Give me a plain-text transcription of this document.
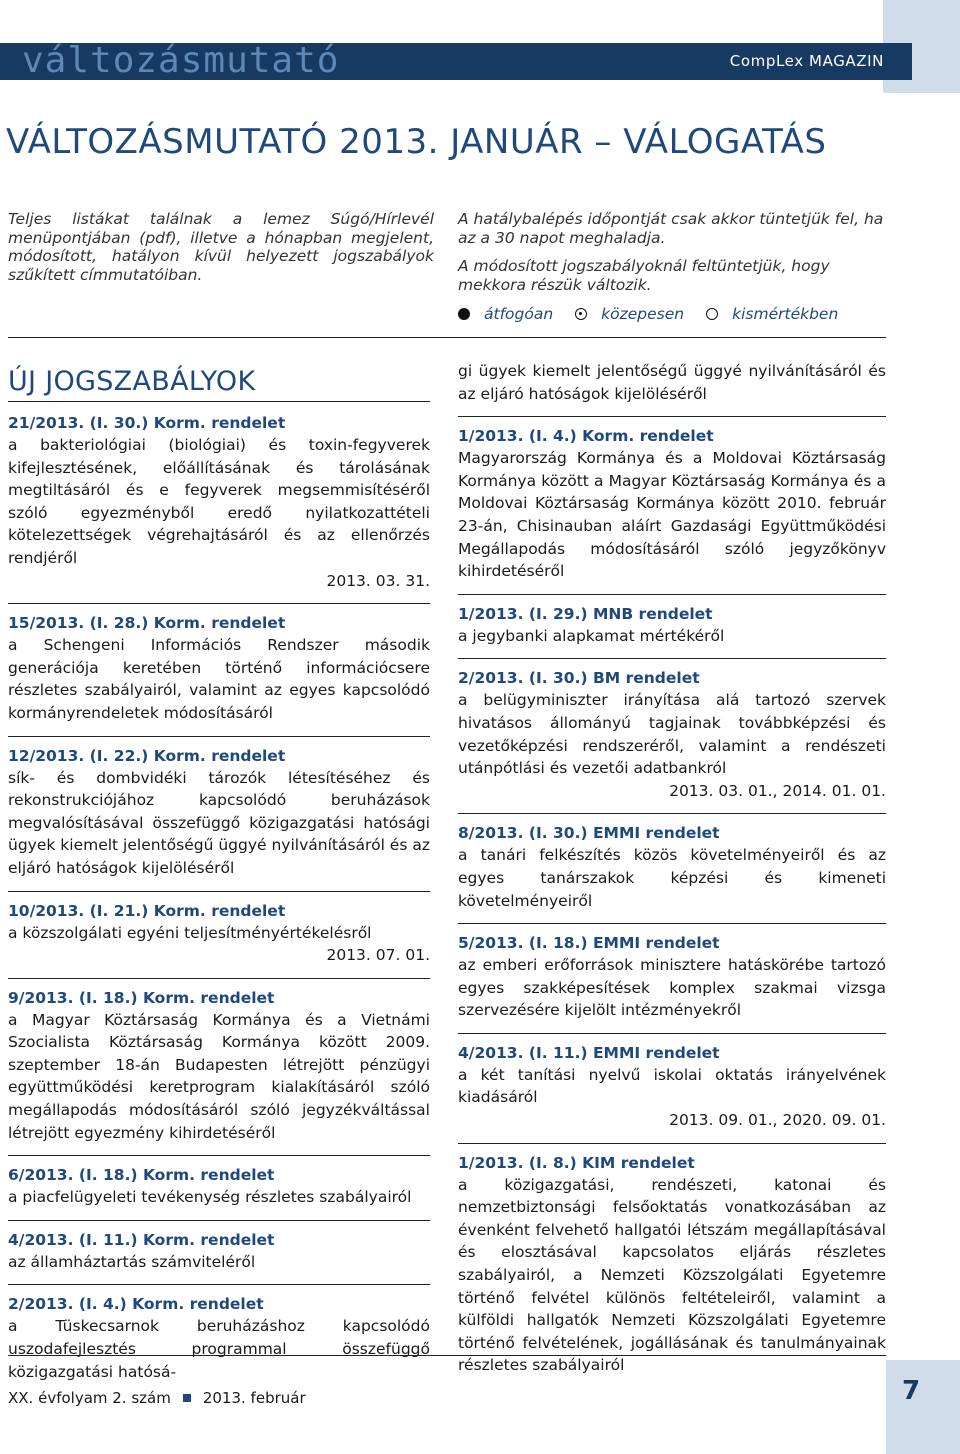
változásmutató	CompLex MAGAZIN
VÁLTOZÁSMUTATÓ 2013. JANUÁR – VÁLOGATÁS
Teljes listákat találnak a lemez Súgó/Hírlevél menüpontjában (pdf), illetve a hónapban megjelent, módosított, hatályon kívül helyezett jogszabályok szűkített címmutatóiban.

A hatálybalépés időpontját csak akkor tüntetjük fel, ha az a 30 napot meghaladja.

A módosított jogszabályoknál feltüntetjük, hogy mekkora részük változik.

átfogóan	közepesen	kismértékben
ÚJ JOGSZABÁLYOK
21/2013. (I. 30.) Korm. rendelet
a bakteriológiai (biológiai) és toxin-fegyverek kifejlesztésének, előállításának és tárolásának megtiltásáról és e fegyverek megsemmisítéséről szóló egyezményből eredő nyilatkozattételi kötelezettségek végrehajtásáról és az ellenőrzés rendjéről
2013. 03. 31.
15/2013. (I. 28.) Korm. rendelet
a Schengeni Információs Rendszer második generációja keretében történő információcsere részletes szabályairól, valamint az egyes kapcsolódó kormányrendeletek módosításáról
12/2013. (I. 22.) Korm. rendelet
sík- és dombvidéki tározók létesítéséhez és rekonstrukciójához kapcsolódó beruházások megvalósításával összefüggő közigazgatási hatósági ügyek kiemelt jelentőségű üggyé nyilvánításáról és az eljáró hatóságok kijelöléséről
10/2013. (I. 21.) Korm. rendelet
a közszolgálati egyéni teljesítményértékelésről
2013. 07. 01.
9/2013. (I. 18.) Korm. rendelet
a Magyar Köztársaság Kormánya és a Vietnámi Szocialista Köztársaság Kormánya között 2009. szeptember 18-án Budapesten létrejött pénzügyi együttműködési keretprogram kialakításáról szóló megállapodás módosításáról szóló jegyzékváltással létrejött egyezmény kihirdetéséről
6/2013. (I. 18.) Korm. rendelet
a piacfelügyeleti tevékenység részletes szabályairól
4/2013. (I. 11.) Korm. rendelet
az államháztartás számviteléről
2/2013. (I. 4.) Korm. rendelet
a Tüskecsarnok beruházáshoz kapcsolódó uszodafejlesztés programmal összefüggő közigazgatási hatósá-
gi ügyek kiemelt jelentőségű üggyé nyilvánításáról és az eljáró hatóságok kijelöléséről
1/2013. (I. 4.) Korm. rendelet
Magyarország Kormánya és a Moldovai Köztársaság Kormánya között a Magyar Köztársaság Kormánya és a Moldovai Köztársaság Kormánya között 2010. február 23-án, Chisinauban aláírt Gazdasági Együttműködési Megállapodás módosításáról szóló jegyzőkönyv kihirdetéséről
1/2013. (I. 29.) MNB rendelet
a jegybanki alapkamat mértékéről
2/2013. (I. 30.) BM rendelet
a belügyminiszter irányítása alá tartozó szervek hivatásos állományú tagjainak továbbképzési és vezetőképzési rendszeréről, valamint a rendészeti utánpótlási és vezetői adatbankról
2013. 03. 01., 2014. 01. 01.
8/2013. (I. 30.) EMMI rendelet
a tanári felkészítés közös követelményeiről és az egyes tanárszakok képzési és kimeneti követelményeiről
5/2013. (I. 18.) EMMI rendelet
az emberi erőforrások minisztere hatáskörébe tartozó egyes szakképesítések komplex szakmai vizsga szervezésére kijelölt intézményekről
4/2013. (I. 11.) EMMI rendelet
a két tanítási nyelvű iskolai oktatás irányelvének kiadásáról
2013. 09. 01., 2020. 09. 01.
1/2013. (I. 8.) KIM rendelet
a közigazgatási, rendészeti, katonai és nemzetbiztonsági felsőoktatás vonatkozásában az évenként felvehető hallgatói létszám megállapításával és elosztásával kapcsolatos eljárás részletes szabályairól, a Nemzeti Közszolgálati Egyetemre történő felvétel különös feltételeiről, valamint a külföldi hallgatók Nemzeti Közszolgálati Egyetemre történő felvételének, jogállásának és tanulmányainak részletes szabályairól
XX. évfolyam 2. szám 2013. február	7
